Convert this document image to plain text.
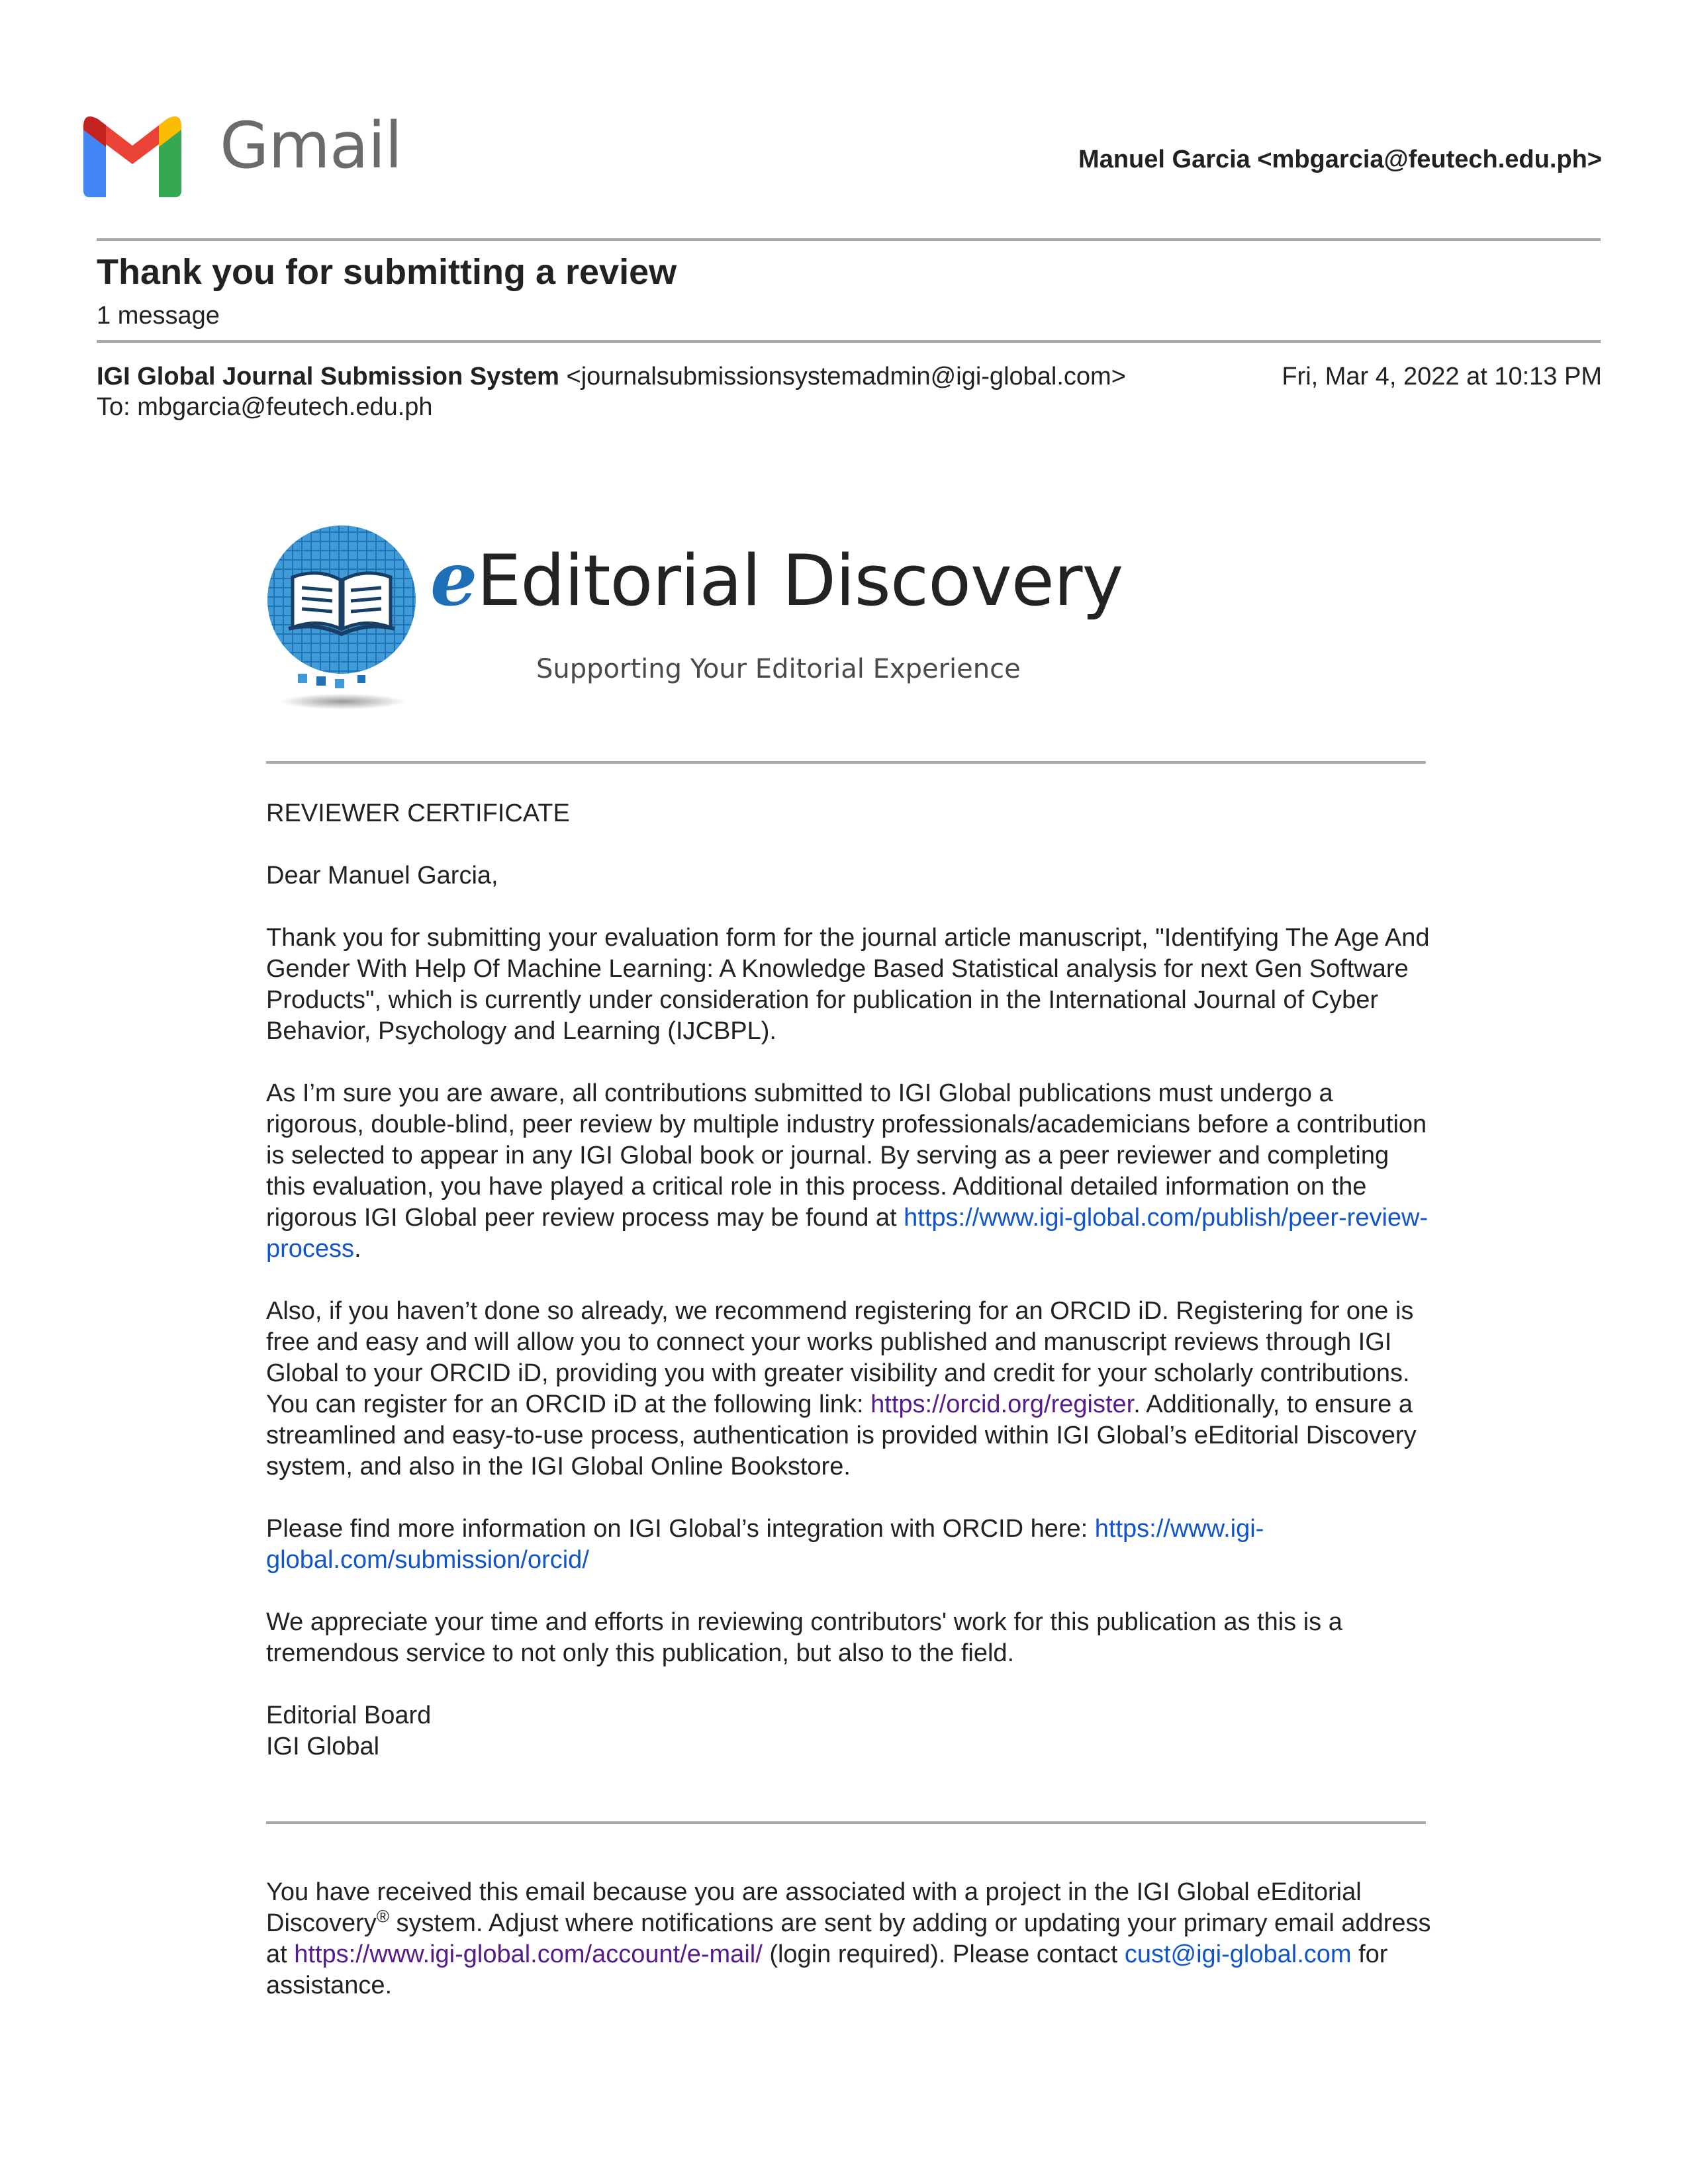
Gmail	Manuel Garcia <mbgarcia@feutech.edu.ph>
Thank you for submitting a review
1 message
IGI Global Journal Submission System <journalsubmissionsystemadmin@igi-global.com>	Fri, Mar 4, 2022 at 10:13 PM
To: mbgarcia@feutech.edu.ph
eEditorial Discovery
Supporting Your Editorial Experience

REVIEWER CERTIFICATE

Dear Manuel Garcia,

Thank you for submitting your evaluation form for the journal article manuscript, "Identifying The Age And Gender With Help Of Machine Learning: A Knowledge Based Statistical analysis for next Gen Software Products", which is currently under consideration for publication in the International Journal of Cyber Behavior, Psychology and Learning (IJCBPL).

As I’m sure you are aware, all contributions submitted to IGI Global publications must undergo a rigorous, double-blind, peer review by multiple industry professionals/academicians before a contribution is selected to appear in any IGI Global book or journal. By serving as a peer reviewer and completing this evaluation, you have played a critical role in this process. Additional detailed information on the rigorous IGI Global peer review process may be found at https://www.igi-global.com/publish/peer-review-process.

Also, if you haven’t done so already, we recommend registering for an ORCID iD. Registering for one is free and easy and will allow you to connect your works published and manuscript reviews through IGI Global to your ORCID iD, providing you with greater visibility and credit for your scholarly contributions. You can register for an ORCID iD at the following link: https://orcid.org/register. Additionally, to ensure a streamlined and easy-to-use process, authentication is provided within IGI Global’s eEditorial Discovery system, and also in the IGI Global Online Bookstore.

Please find more information on IGI Global’s integration with ORCID here: https://www.igi-global.com/submission/orcid/

We appreciate your time and efforts in reviewing contributors' work for this publication as this is a tremendous service to not only this publication, but also to the field.

Editorial Board
IGI Global

You have received this email because you are associated with a project in the IGI Global eEditorial Discovery® system. Adjust where notifications are sent by adding or updating your primary email address at https://www.igi-global.com/account/e-mail/ (login required). Please contact cust@igi-global.com for assistance.
